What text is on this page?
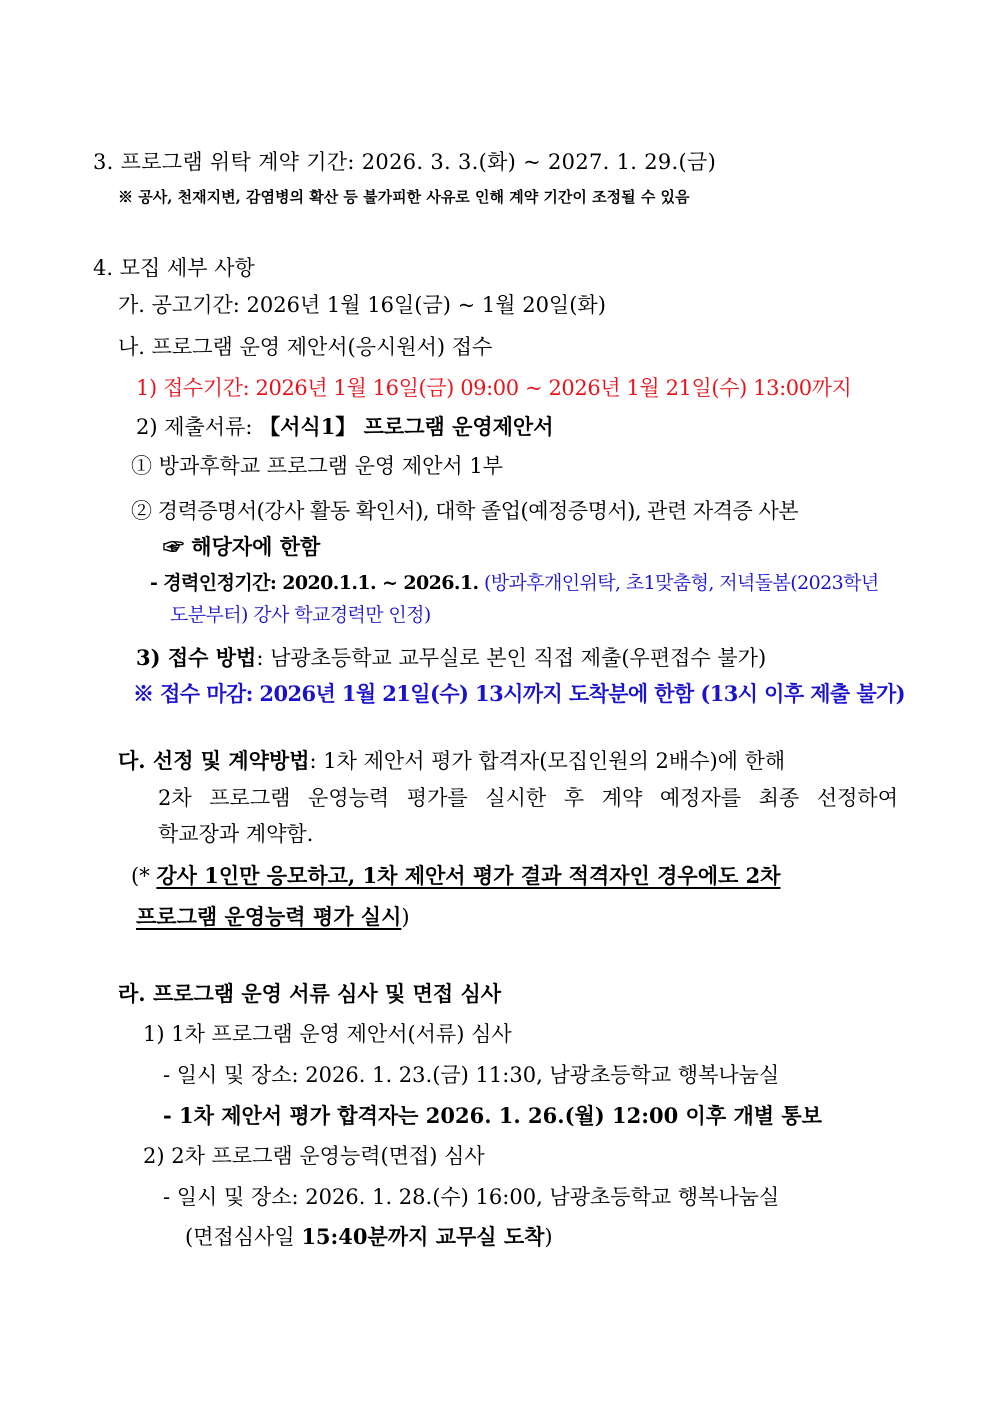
3. 프로그램 위탁 계약 기간: 2026. 3. 3.(화) ~ 2027. 1. 29.(금)
※ 공사, 천재지변, 감염병의 확산 등 불가피한 사유로 인해 계약 기간이 조정될 수 있음
4. 모집 세부 사항
가. 공고기간: 2026년 1월 16일(금) ~ 1월 20일(화)
나. 프로그램 운영 제안서(응시원서) 접수
1) 접수기간: 2026년 1월 16일(금) 09:00 ~ 2026년 1월 21일(수) 13:00까지
2) 제출서류: 【서식1】 프로그램 운영제안서
① 방과후학교 프로그램 운영 제안서 1부
② 경력증명서(강사 활동 확인서), 대학 졸업(예정증명서), 관련 자격증 사본
☞ 해당자에 한함
- 경력인정기간: 2020.1.1. ~ 2026.1. (방과후개인위탁, 초1맞춤형, 저녁돌봄(2023학년
도분부터) 강사 학교경력만 인정)
3) 접수 방법: 남광초등학교 교무실로 본인 직접 제출(우편접수 불가)
※ 접수 마감: 2026년 1월 21일(수) 13시까지 도착분에 한함 (13시 이후 제출 불가)
다. 선정 및 계약방법: 1차 제안서 평가 합격자(모집인원의 2배수)에 한해
2차 프로그램 운영능력 평가를 실시한 후 계약 예정자를 최종 선정하여
학교장과 계약함.
(* 강사 1인만 응모하고, 1차 제안서 평가 결과 적격자인 경우에도 2차
프로그램 운영능력 평가 실시)
라. 프로그램 운영 서류 심사 및 면접 심사
1) 1차 프로그램 운영 제안서(서류) 심사
- 일시 및 장소: 2026. 1. 23.(금) 11:30, 남광초등학교 행복나눔실
- 1차 제안서 평가 합격자는 2026. 1. 26.(월) 12:00 이후 개별 통보
2) 2차 프로그램 운영능력(면접) 심사
- 일시 및 장소: 2026. 1. 28.(수) 16:00, 남광초등학교 행복나눔실
(면접심사일 15:40분까지 교무실 도착)
